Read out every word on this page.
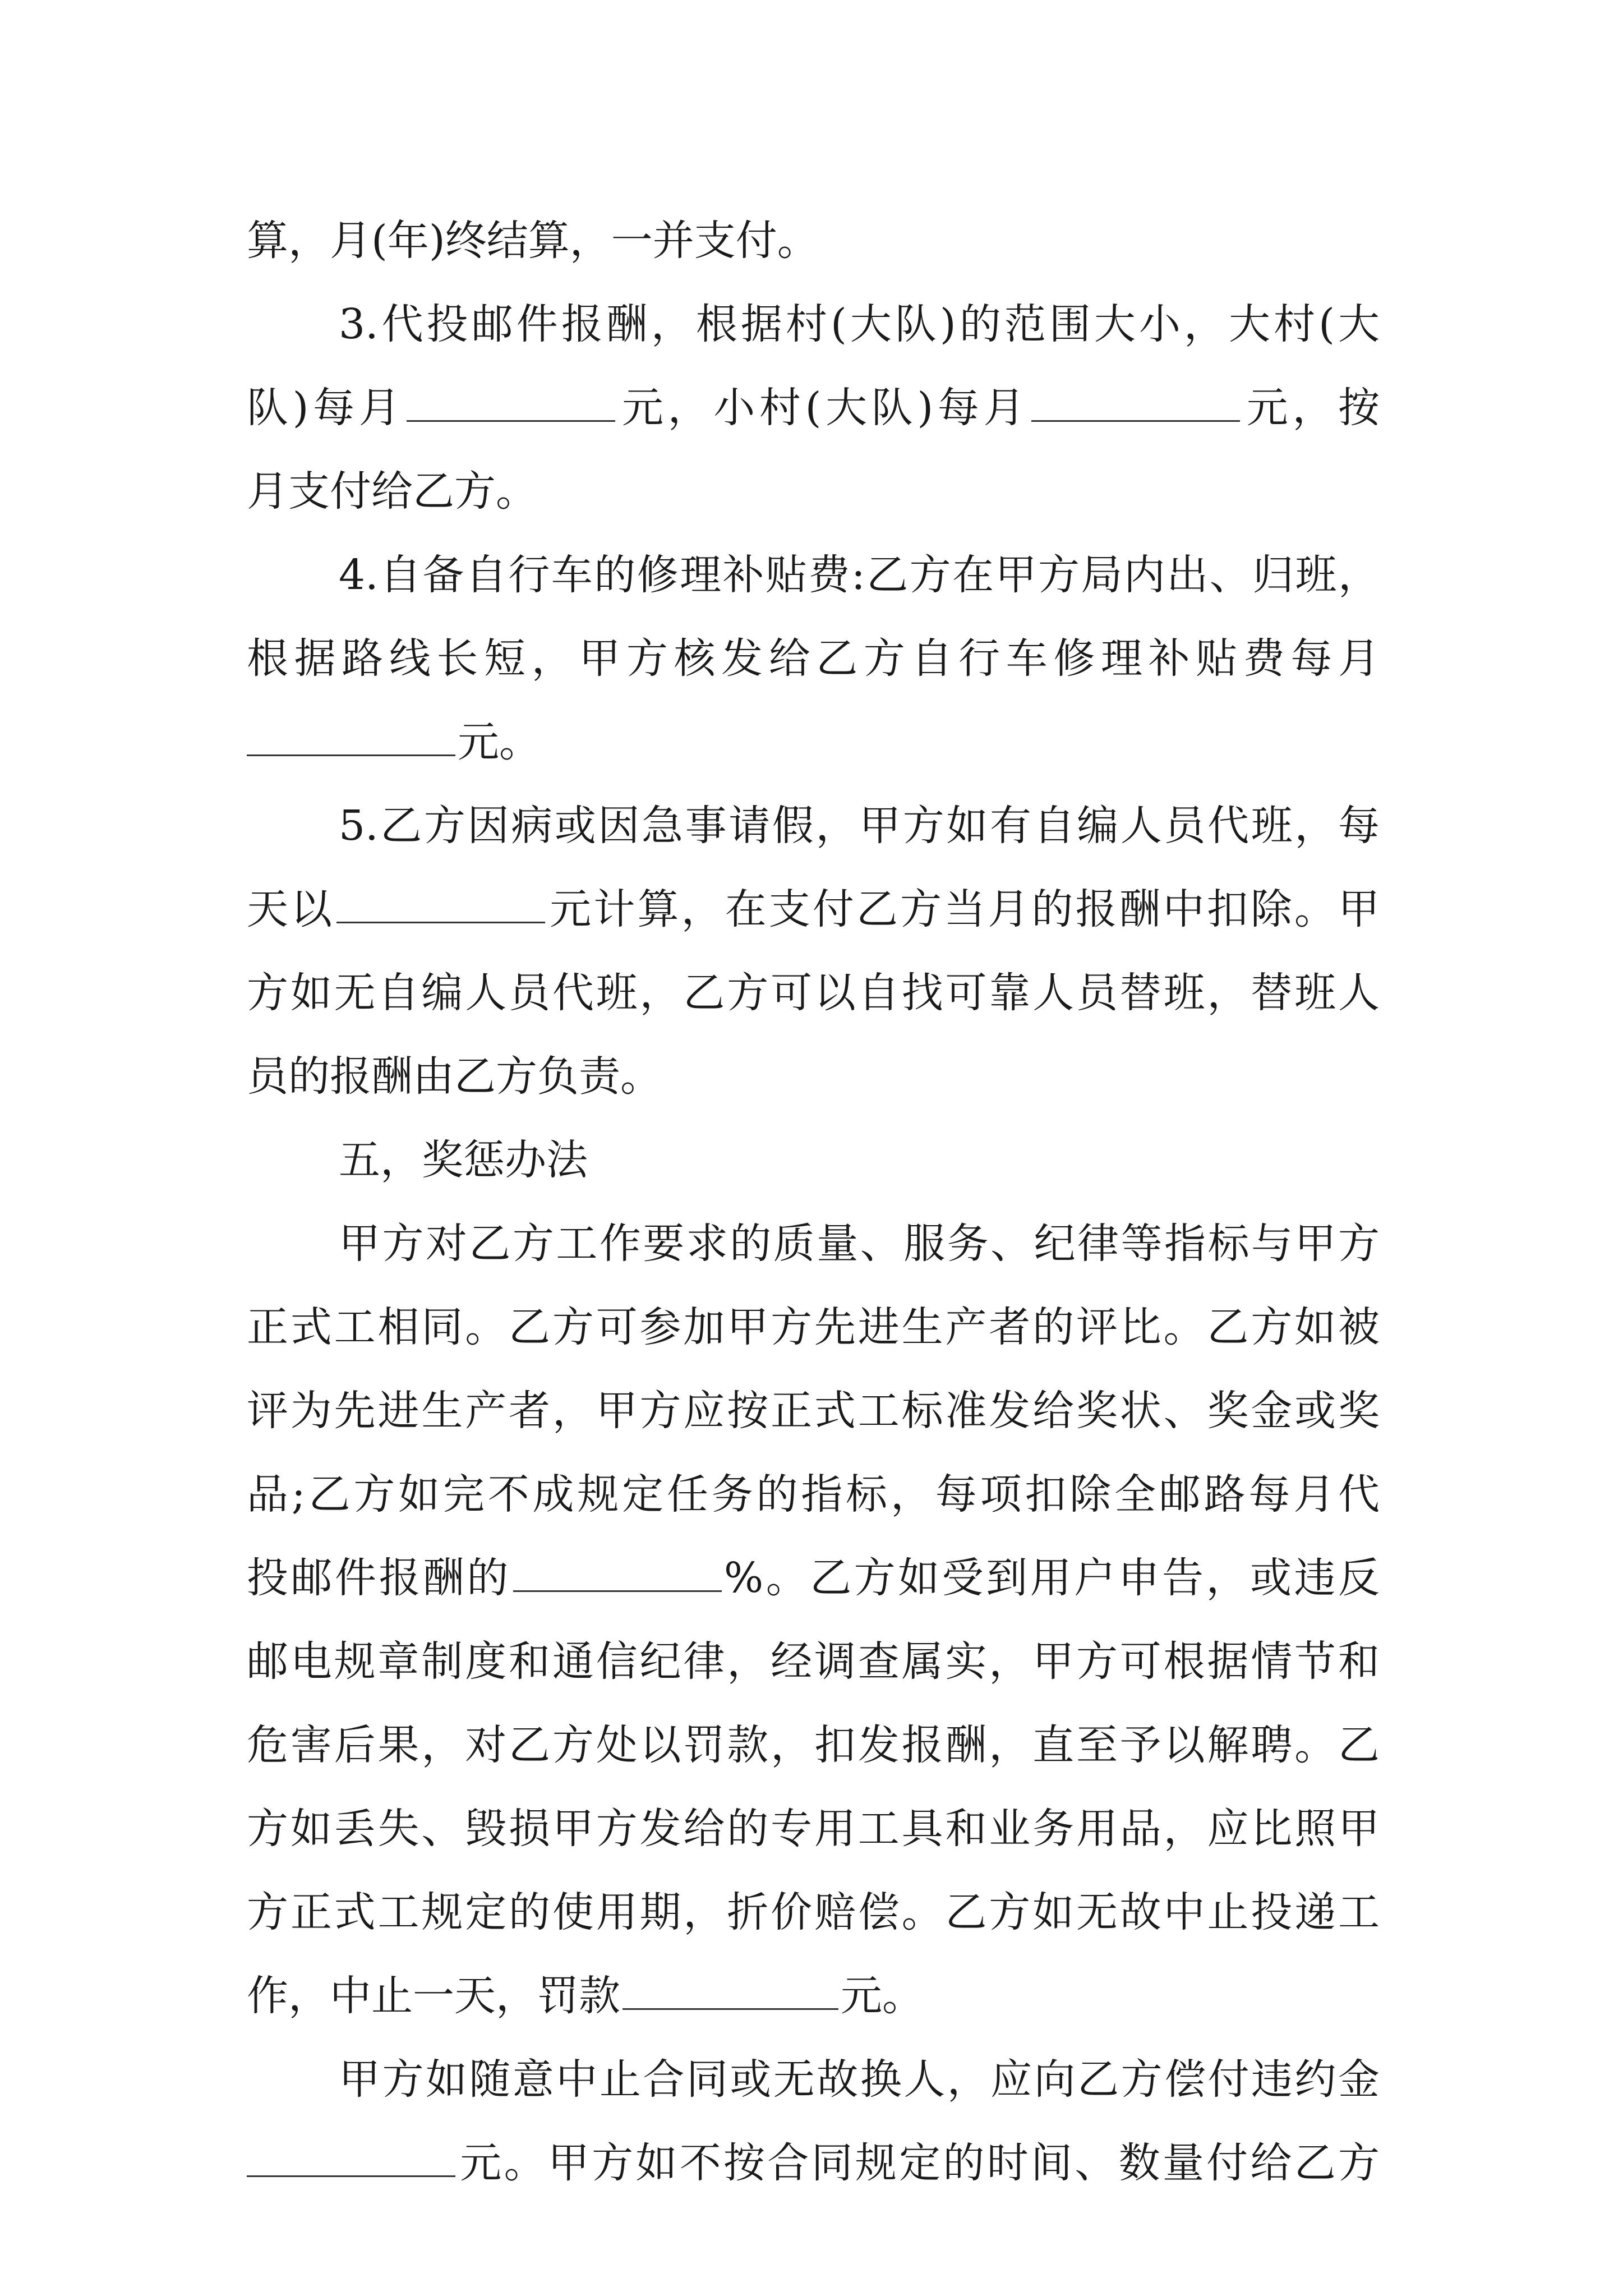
算，月(年)终结算，一并支付。
3.代投邮件报酬，根据村(大队)的范围大小，大村(大
队)每月	元，小村(大队)每月	元，按
月支付给乙方。
4.自备自行车的修理补贴费:乙方在甲方局内出、归班，
根据路线长短，甲方核发给乙方自行车修理补贴费每月
元。
5.乙方因病或因急事请假，甲方如有自编人员代班，每
天以	元计算，在支付乙方当月的报酬中扣除。甲
方如无自编人员代班，乙方可以自找可靠人员替班，替班人
员的报酬由乙方负责。
五，奖惩办法
甲方对乙方工作要求的质量、服务、纪律等指标与甲方
正式工相同。乙方可参加甲方先进生产者的评比。乙方如被
评为先进生产者，甲方应按正式工标准发给奖状、奖金或奖
品;乙方如完不成规定任务的指标，每项扣除全邮路每月代
投邮件报酬的	%。乙方如受到用户申告，或违反
邮电规章制度和通信纪律，经调查属实，甲方可根据情节和
危害后果，对乙方处以罚款，扣发报酬，直至予以解聘。乙
方如丢失、毁损甲方发给的专用工具和业务用品，应比照甲
方正式工规定的使用期，折价赔偿。乙方如无故中止投递工
作，中止一天，罚款	元。
甲方如随意中止合同或无故换人，应向乙方偿付违约金
元。甲方如不按合同规定的时间、数量付给乙方
